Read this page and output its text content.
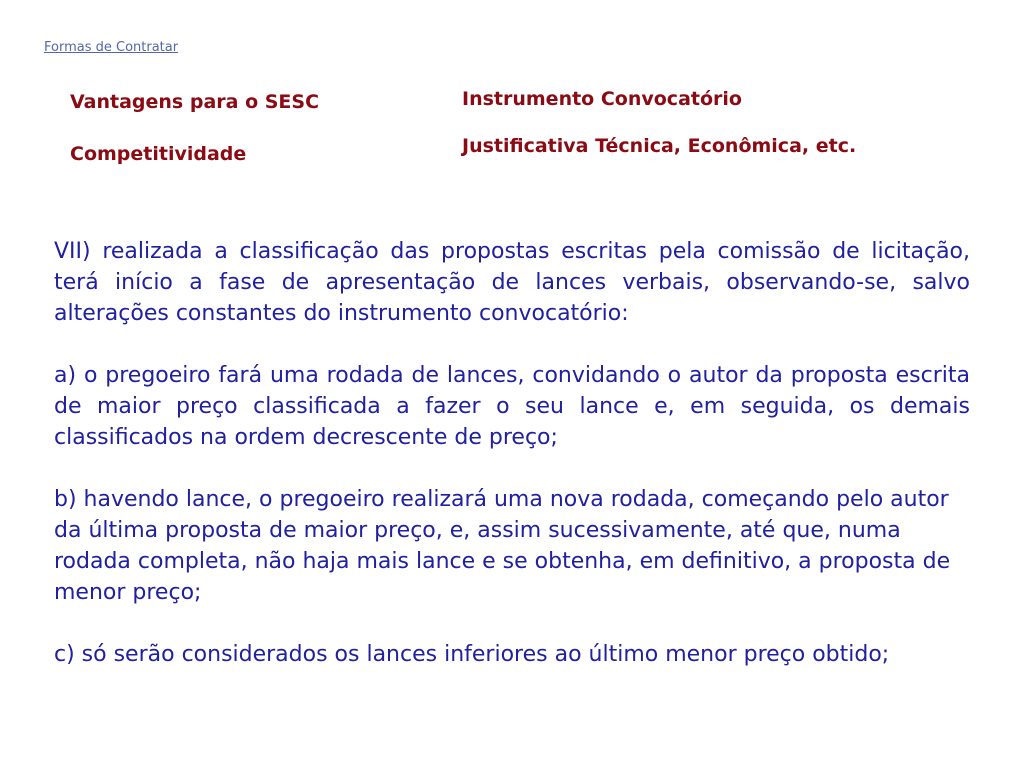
Formas de Contratar
Vantagens para o SESC
Competitividade
Instrumento Convocatório
Justificativa Técnica, Econômica, etc.

VII) realizada a classificação das propostas escritas pela comissão de licitação, terá início a fase de apresentação de lances verbais, observando-se, salvo alterações constantes do instrumento convocatório:

a) o pregoeiro fará uma rodada de lances, convidando o autor da proposta escrita de maior preço classificada a fazer o seu lance e, em seguida, os demais classificados na ordem decrescente de preço;

b) havendo lance, o pregoeiro realizará uma nova rodada, começando pelo autor da última proposta de maior preço, e, assim sucessivamente, até que, numa rodada completa, não haja mais lance e se obtenha, em definitivo, a proposta de menor preço;

c) só serão considerados os lances inferiores ao último menor preço obtido;
